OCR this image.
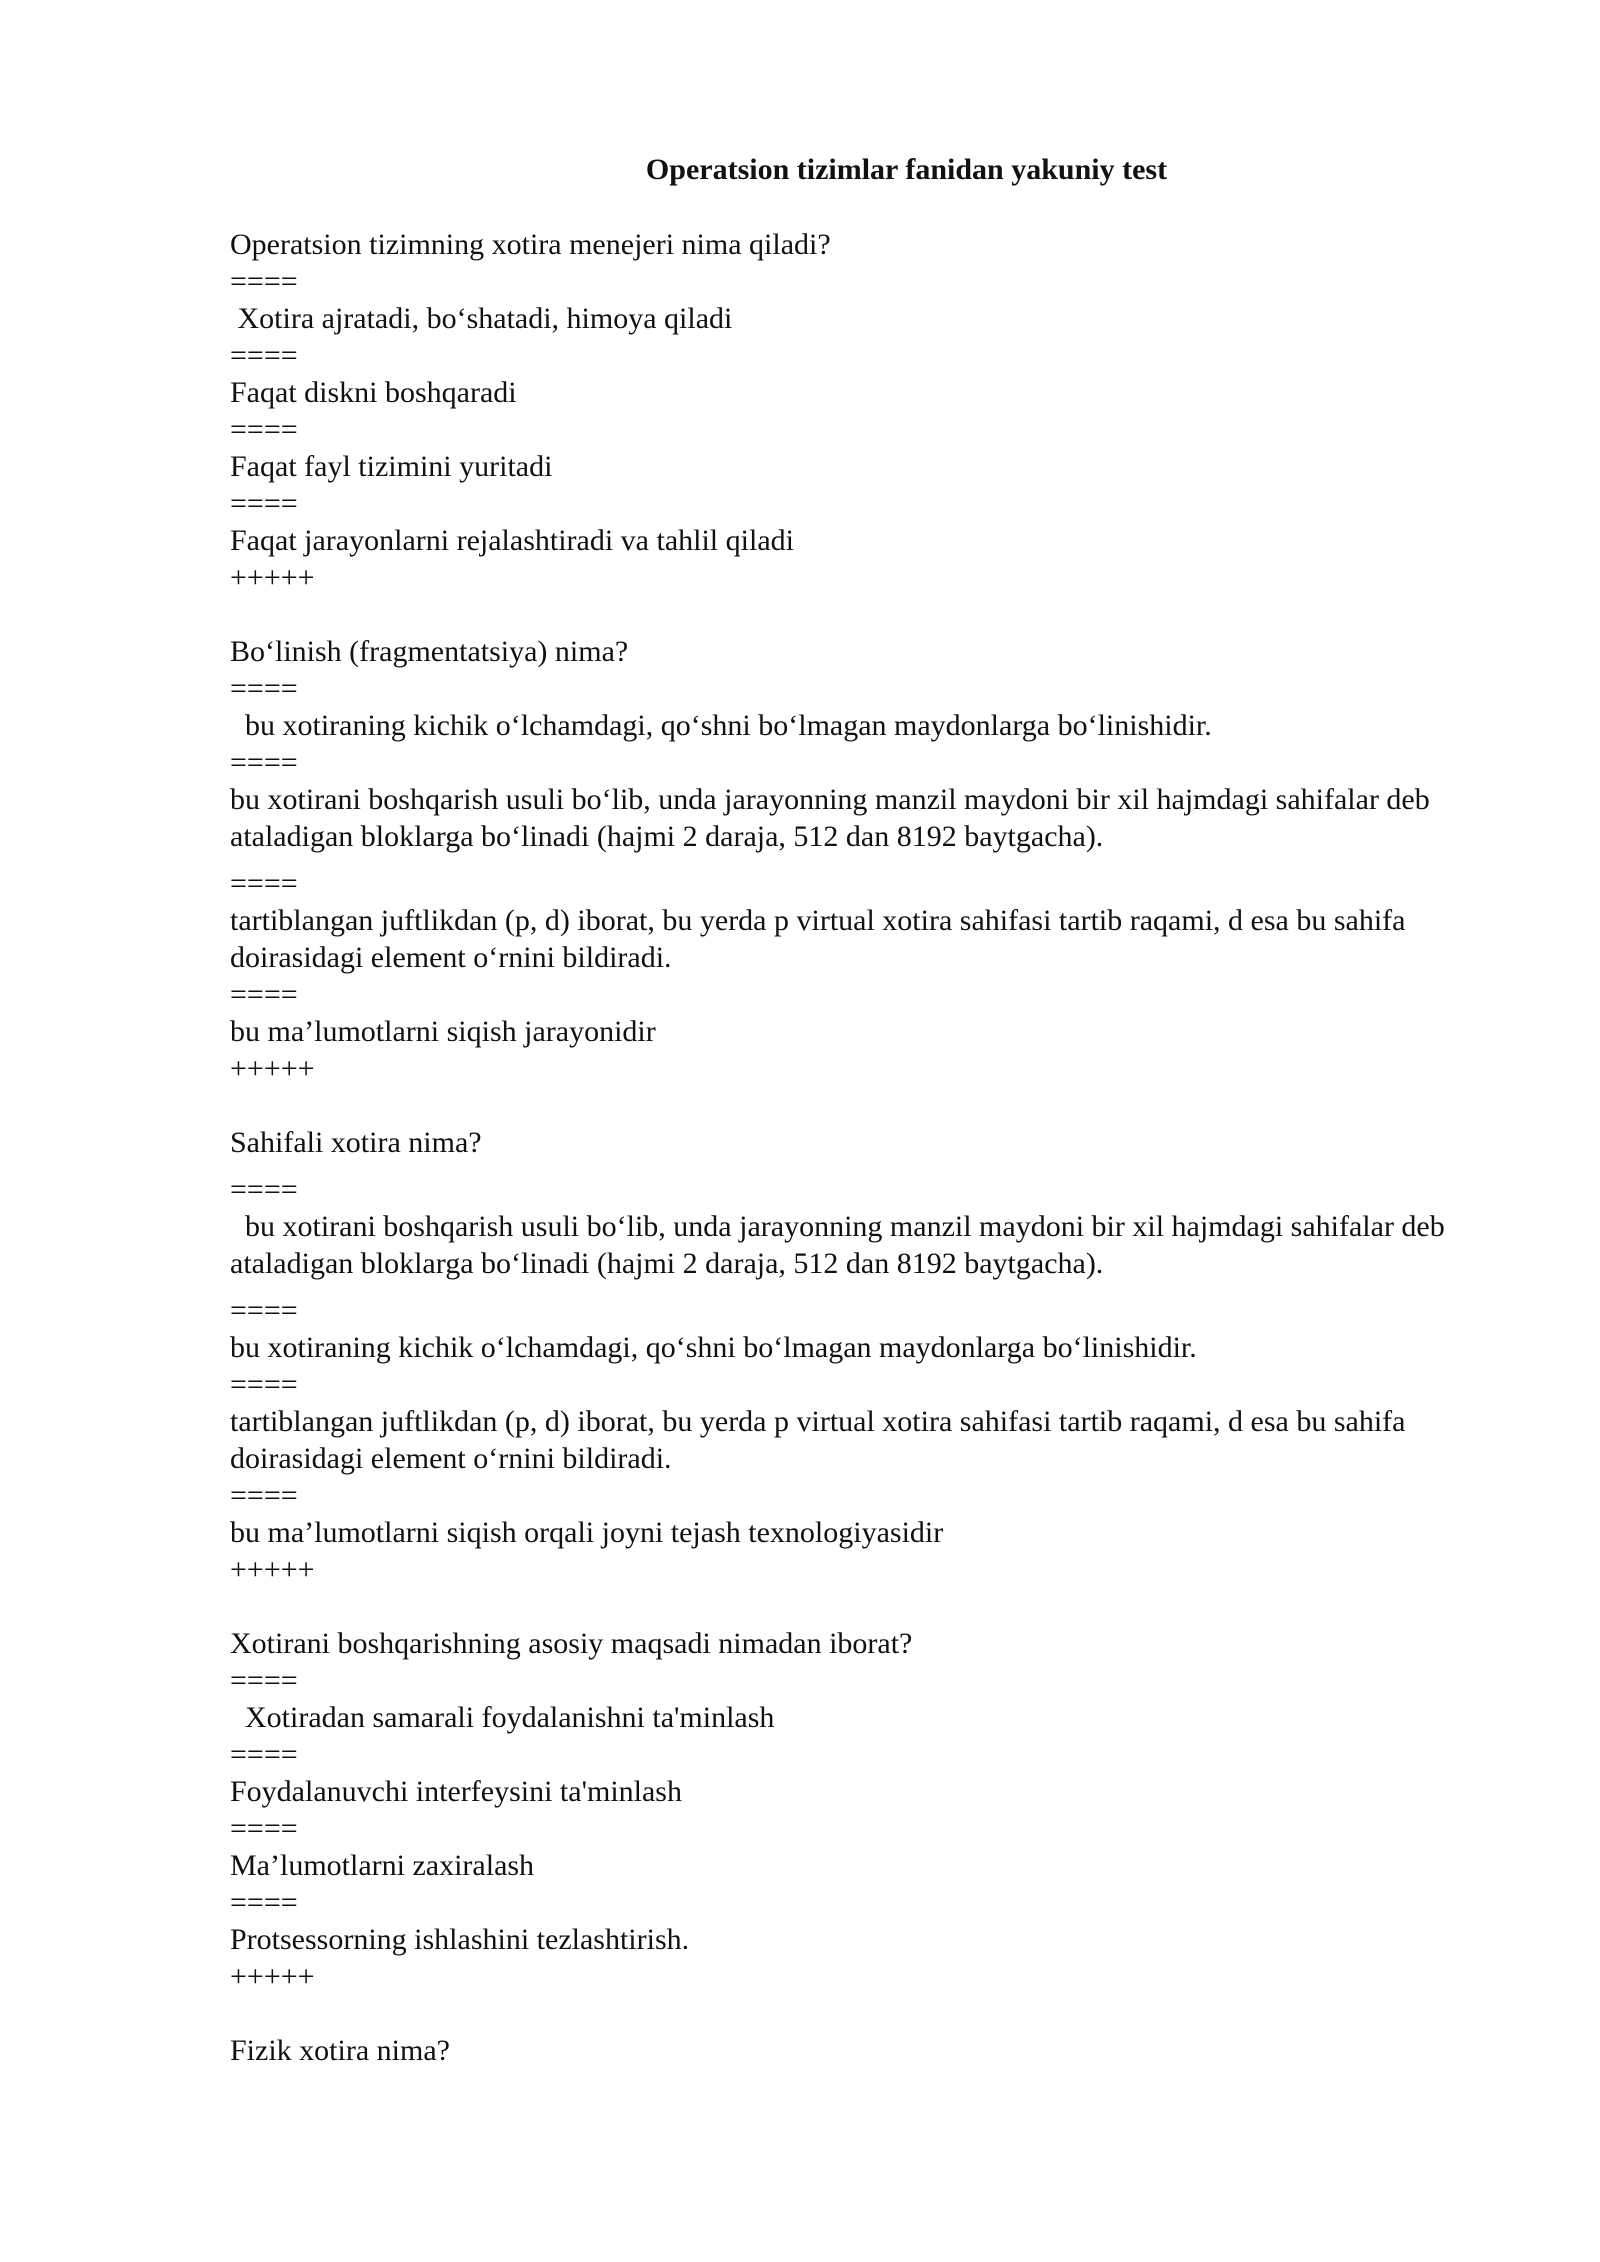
Operatsion tizimlar fanidan yakuniy test
Operatsion tizimning xotira menejeri nima qiladi?
====
Xotira ajratadi, bo‘shatadi, himoya qiladi
====
Faqat diskni boshqaradi
====
Faqat fayl tizimini yuritadi
====
Faqat jarayonlarni rejalashtiradi va tahlil qiladi
+++++
Bo‘linish (fragmentatsiya) nima?
====
bu xotiraning kichik o‘lchamdagi, qo‘shni bo‘lmagan maydonlarga bo‘linishidir.
====
bu xotirani boshqarish usuli bo‘lib, unda jarayonning manzil maydoni bir xil hajmdagi sahifalar deb ataladigan bloklarga bo‘linadi (hajmi 2 daraja, 512 dan 8192 baytgacha).
====
tartiblangan juftlikdan (p, d) iborat, bu yerda p virtual xotira sahifasi tartib raqami, d esa bu sahifa doirasidagi element o‘rnini bildiradi.
====
bu ma’lumotlarni siqish jarayonidir
+++++
Sahifali xotira nima?
====
bu xotirani boshqarish usuli bo‘lib, unda jarayonning manzil maydoni bir xil hajmdagi sahifalar deb ataladigan bloklarga bo‘linadi (hajmi 2 daraja, 512 dan 8192 baytgacha).
====
bu xotiraning kichik o‘lchamdagi, qo‘shni bo‘lmagan maydonlarga bo‘linishidir.
====
tartiblangan juftlikdan (p, d) iborat, bu yerda p virtual xotira sahifasi tartib raqami, d esa bu sahifa doirasidagi element o‘rnini bildiradi.
====
bu ma’lumotlarni siqish orqali joyni tejash texnologiyasidir
+++++
Xotirani boshqarishning asosiy maqsadi nimadan iborat?
====
Xotiradan samarali foydalanishni ta'minlash
====
Foydalanuvchi interfeysini ta'minlash
====
Ma’lumotlarni zaxiralash
====
Protsessorning ishlashini tezlashtirish.
+++++
Fizik xotira nima?
